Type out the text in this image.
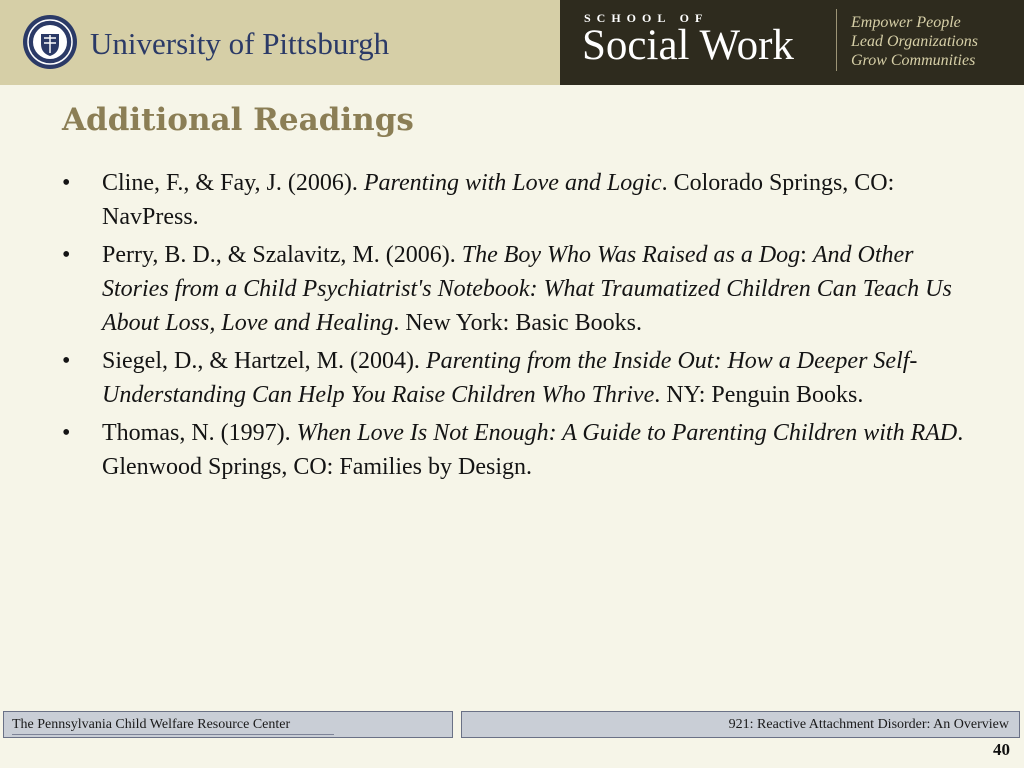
University of Pittsburgh
SCHOOL OF
Social Work	Empower People
Lead Organizations
Grow Communities
Additional Readings
•	Cline, F., & Fay, J. (2006). Parenting with Love and Logic. Colorado Springs, CO: NavPress.
•	Perry, B. D., & Szalavitz, M. (2006). The Boy Who Was Raised as a Dog: And Other Stories from a Child Psychiatrist's Notebook: What Traumatized Children Can Teach Us About Loss, Love and Healing. New York: Basic Books.
•	Siegel, D., & Hartzel, M. (2004). Parenting from the Inside Out: How a Deeper Self-Understanding Can Help You Raise Children Who Thrive. NY: Penguin Books.
•	Thomas, N. (1997). When Love Is Not Enough: A Guide to Parenting Children with RAD. Glenwood Springs, CO: Families by Design.
The Pennsylvania Child Welfare Resource Center	921: Reactive Attachment Disorder: An Overview
40
